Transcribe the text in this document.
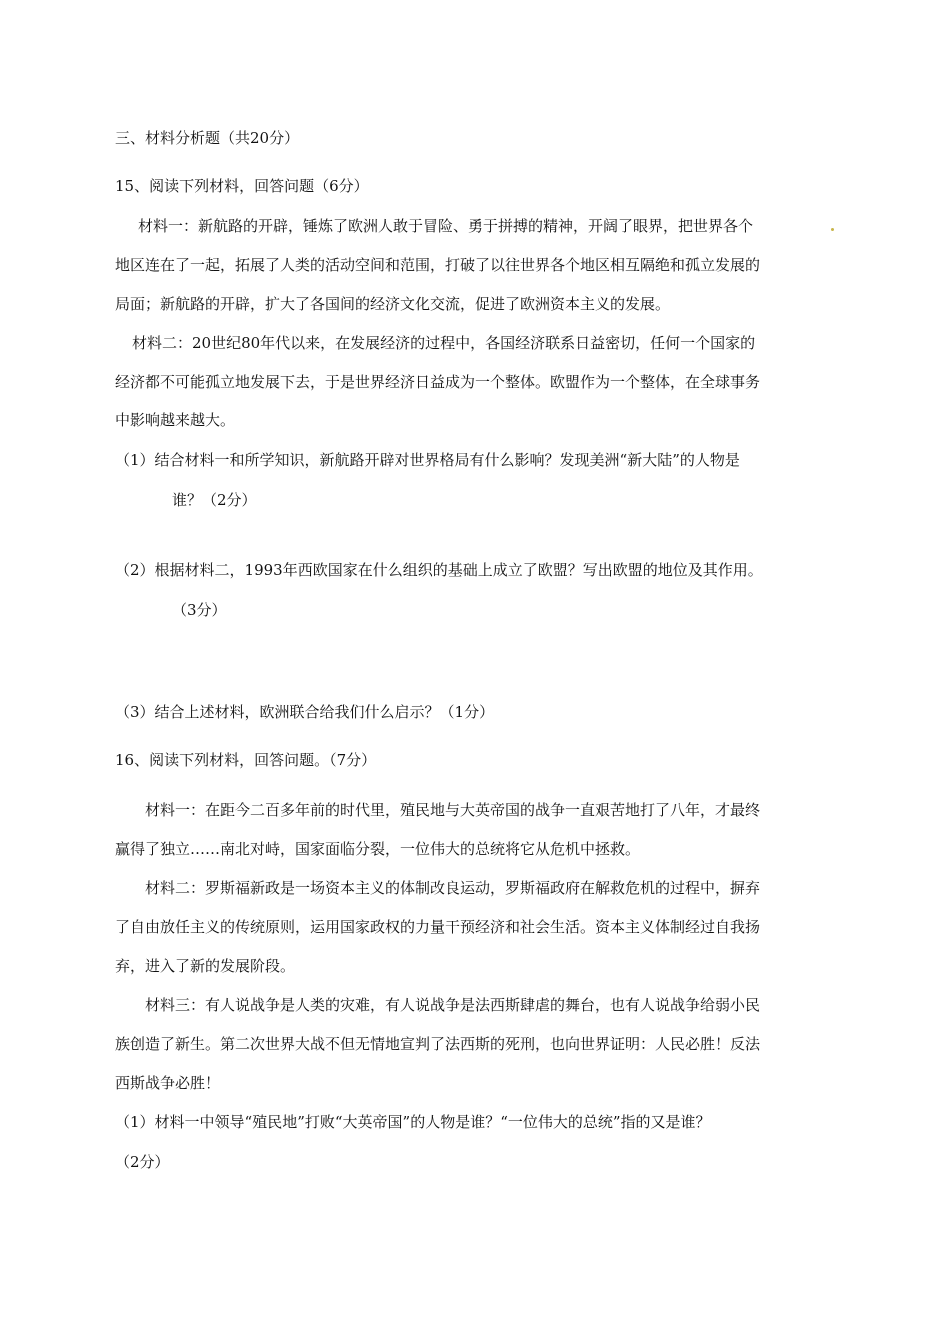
三、材料分析题（共20分）
15、阅读下列材料，回答问题（6分）
材料一：新航路的开辟，锤炼了欧洲人敢于冒险、勇于拼搏的精神，开阔了眼界，把世界各个
地区连在了一起，拓展了人类的活动空间和范围，打破了以往世界各个地区相互隔绝和孤立发展的
局面；新航路的开辟，扩大了各国间的经济文化交流，促进了欧洲资本主义的发展。
材料二：20世纪80年代以来，在发展经济的过程中，各国经济联系日益密切，任何一个国家的
经济都不可能孤立地发展下去，于是世界经济日益成为一个整体。欧盟作为一个整体，在全球事务
中影响越来越大。
（1）结合材料一和所学知识，新航路开辟对世界格局有什么影响？发现美洲“新大陆”的人物是
谁？（2分）
（2）根据材料二，1993年西欧国家在什么组织的基础上成立了欧盟？写出欧盟的地位及其作用。
（3分）
（3）结合上述材料，欧洲联合给我们什么启示？（1分）
16、阅读下列材料，回答问题。（7分）
材料一：在距今二百多年前的时代里，殖民地与大英帝国的战争一直艰苦地打了八年，才最终
赢得了独立……南北对峙，国家面临分裂，一位伟大的总统将它从危机中拯救。
材料二：罗斯福新政是一场资本主义的体制改良运动，罗斯福政府在解救危机的过程中，摒弃
了自由放任主义的传统原则，运用国家政权的力量干预经济和社会生活。资本主义体制经过自我扬
弃，进入了新的发展阶段。
材料三：有人说战争是人类的灾难，有人说战争是法西斯肆虐的舞台，也有人说战争给弱小民
族创造了新生。第二次世界大战不但无情地宣判了法西斯的死刑，也向世界证明：人民必胜！反法
西斯战争必胜！
（1）材料一中领导“殖民地”打败“大英帝国”的人物是谁？“一位伟大的总统”指的又是谁？
（2分）
